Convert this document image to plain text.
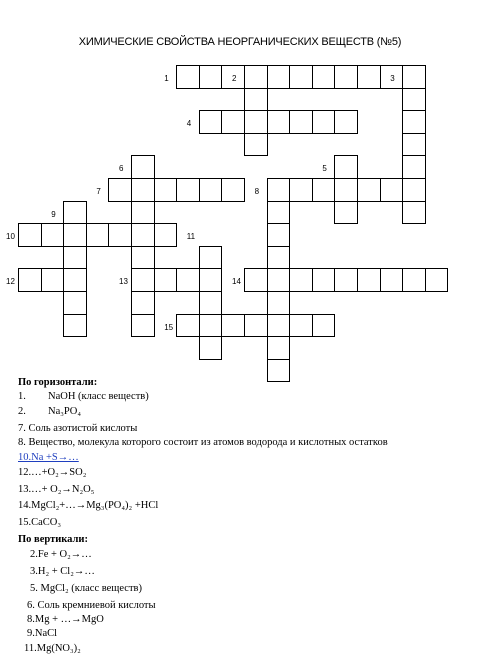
ХИМИЧЕСКИЕ СВОЙСТВА НЕОРГАНИЧЕСКИХ ВЕЩЕСТВ (№5)
1	2	3
4
5
6
7	8
9
10	11
12	13	14
15
По горизонтали:
1. NaOH (класс веществ)
2. Na₃PO₄
7. Соль азотистой кислоты
8. Вещество, молекула которого состоит из атомов водорода и кислотных остатков
10.Na +S→…
12.…+O₂→SO₂
13.…+ O₂→N₂O₅
14.MgCl₂+…→Mg₃(PO₄)₂ +HCl
15.CaCO₃
По вертикали:
2.Fe + O₂→…
3.H₂ + Cl₂→…
5. MgCl₂ (класс веществ)
6. Соль кремниевой кислоты
8.Mg + …→MgO
9.NaCl
11.Mg(NO₃)₂
